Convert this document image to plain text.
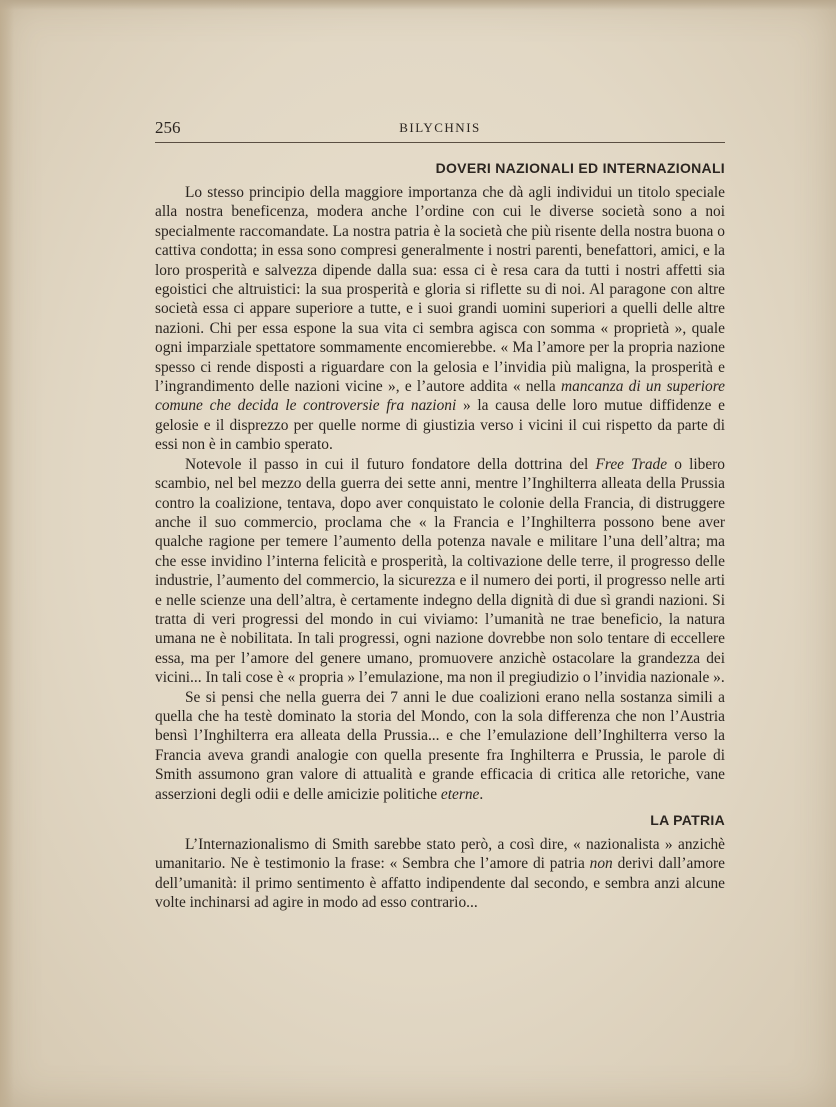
256	BILYCHNIS
DOVERI NAZIONALI ED INTERNAZIONALI

Lo stesso principio della maggiore importanza che dà agli individui un titolo speciale alla nostra beneficenza, modera anche l’ordine con cui le diverse società sono a noi specialmente raccomandate. La nostra patria è la società che più risente della nostra buona o cattiva condotta; in essa sono compresi generalmente i nostri parenti, benefattori, amici, e la loro prosperità e salvezza dipende dalla sua: essa ci è resa cara da tutti i nostri affetti sia egoistici che altruistici: la sua prosperità e gloria si riflette su di noi. Al paragone con altre società essa ci appare superiore a tutte, e i suoi grandi uomini superiori a quelli delle altre nazioni. Chi per essa espone la sua vita ci sembra agisca con somma « proprietà », quale ogni imparziale spettatore sommamente encomierebbe. « Ma l’amore per la propria nazione spesso ci rende disposti a riguardare con la gelosia e l’invidia più maligna, la prosperità e l’ingrandimento delle nazioni vicine », e l’autore addita « nella mancanza di un superiore comune che decida le controversie fra nazioni » la causa delle loro mutue diffidenze e gelosie e il disprezzo per quelle norme di giustizia verso i vicini il cui rispetto da parte di essi non è in cambio sperato.

Notevole il passo in cui il futuro fondatore della dottrina del Free Trade o libero scambio, nel bel mezzo della guerra dei sette anni, mentre l’Inghilterra alleata della Prussia contro la coalizione, tentava, dopo aver conquistato le colonie della Francia, di distruggere anche il suo commercio, proclama che « la Francia e l’Inghilterra possono bene aver qualche ragione per temere l’aumento della potenza navale e militare l’una dell’altra; ma che esse invidino l’interna felicità e prosperità, la coltivazione delle terre, il progresso delle industrie, l’aumento del commercio, la sicurezza e il numero dei porti, il progresso nelle arti e nelle scienze una dell’altra, è certamente indegno della dignità di due sì grandi nazioni. Si tratta di veri progressi del mondo in cui viviamo: l’umanità ne trae beneficio, la natura umana ne è nobilitata. In tali progressi, ogni nazione dovrebbe non solo tentare di eccellere essa, ma per l’amore del genere umano, promuovere anzichè ostacolare la grandezza dei vicini... In tali cose è « propria » l’emulazione, ma non il pregiudizio o l’invidia nazionale ».

Se si pensi che nella guerra dei 7 anni le due coalizioni erano nella sostanza simili a quella che ha testè dominato la storia del Mondo, con la sola differenza che non l’Austria bensì l’Inghilterra era alleata della Prussia... e che l’emulazione dell’Inghilterra verso la Francia aveva grandi analogie con quella presente fra Inghilterra e Prussia, le parole di Smith assumono gran valore di attualità e grande efficacia di critica alle retoriche, vane asserzioni degli odii e delle amicizie politiche eterne.

LA PATRIA

L’Internazionalismo di Smith sarebbe stato però, a così dire, « nazionalista » anzichè umanitario. Ne è testimonio la frase: « Sembra che l’amore di patria non derivi dall’amore dell’umanità: il primo sentimento è affatto indipendente dal secondo, e sembra anzi alcune volte inchinarsi ad agire in modo ad esso contrario...
